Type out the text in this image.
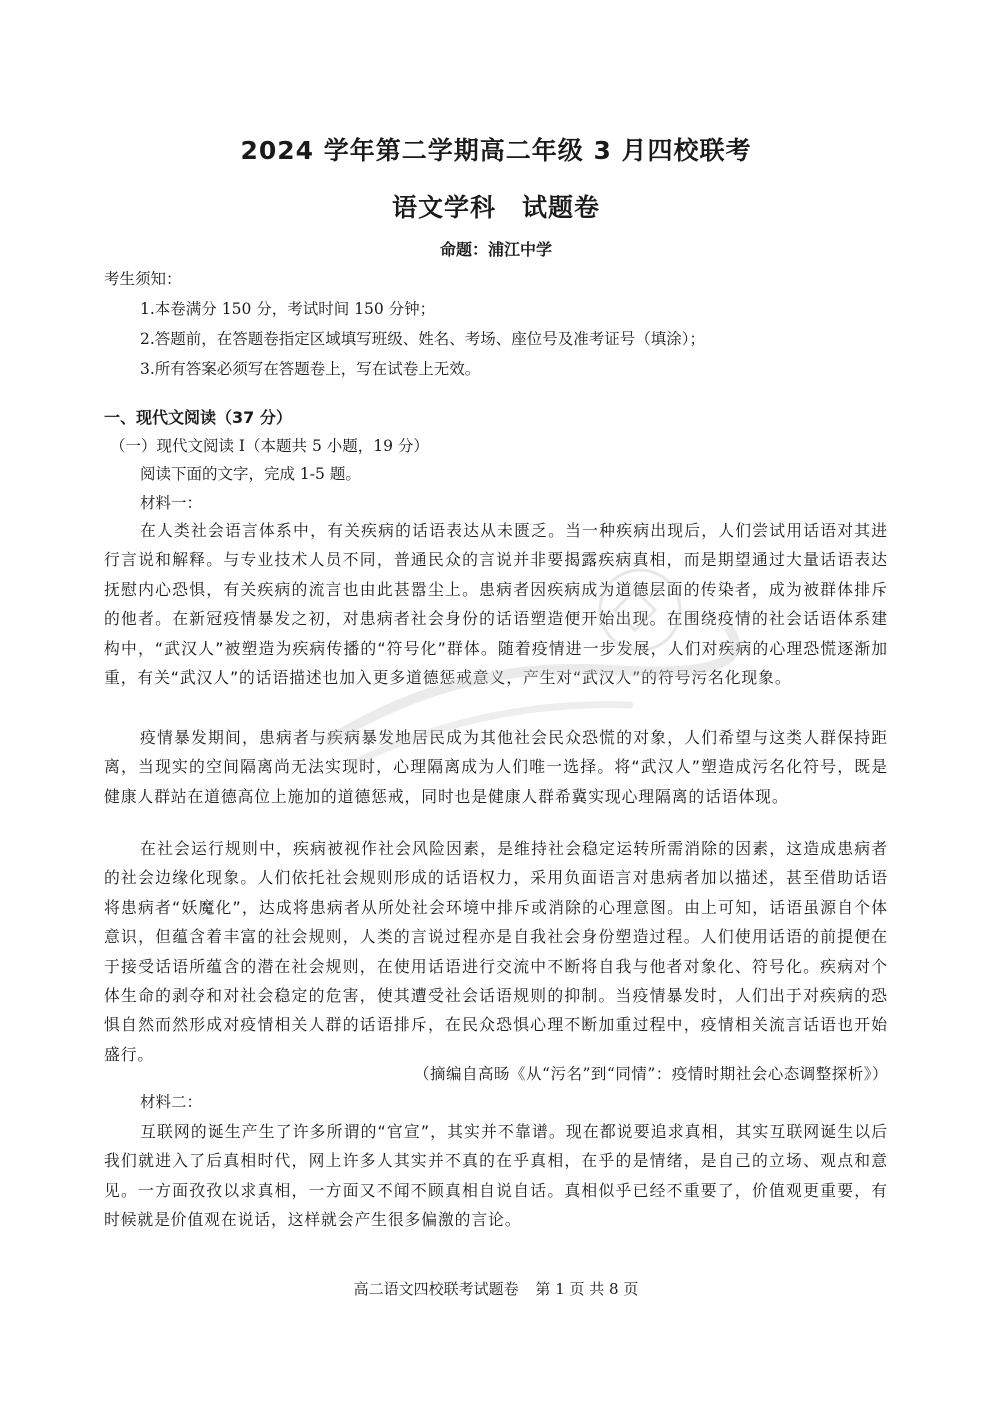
2024 学年第二学期高二年级 3 月四校联考
语文学科　试题卷
命题：浦江中学
考生须知：
1.本卷满分 150 分，考试时间 150 分钟；
2.答题前，在答题卷指定区域填写班级、姓名、考场、座位号及准考证号（填涂）；
3.所有答案必须写在答题卷上，写在试卷上无效。
一、现代文阅读（37 分）
（一）现代文阅读 I（本题共 5 小题，19 分）
阅读下面的文字，完成 1-5 题。
材料一：
在人类社会语言体系中，有关疾病的话语表达从未匮乏。当一种疾病出现后，人们尝试用话语对其进行言说和解释。与专业技术人员不同，普通民众的言说并非要揭露疾病真相，而是期望通过大量话语表达抚慰内心恐惧，有关疾病的流言也由此甚嚣尘上。患病者因疾病成为道德层面的传染者，成为被群体排斥的他者。在新冠疫情暴发之初，对患病者社会身份的话语塑造便开始出现。在围绕疫情的社会话语体系建构中，“武汉人”被塑造为疾病传播的“符号化”群体。随着疫情进一步发展，人们对疾病的心理恐慌逐渐加重，有关“武汉人”的话语描述也加入更多道德惩戒意义，产生对“武汉人”的符号污名化现象。
疫情暴发期间，患病者与疾病暴发地居民成为其他社会民众恐慌的对象，人们希望与这类人群保持距离，当现实的空间隔离尚无法实现时，心理隔离成为人们唯一选择。将“武汉人”塑造成污名化符号，既是健康人群站在道德高位上施加的道德惩戒，同时也是健康人群希冀实现心理隔离的话语体现。
在社会运行规则中，疾病被视作社会风险因素，是维持社会稳定运转所需消除的因素，这造成患病者的社会边缘化现象。人们依托社会规则形成的话语权力，采用负面语言对患病者加以描述，甚至借助话语将患病者“妖魔化”，达成将患病者从所处社会环境中排斥或消除的心理意图。由上可知，话语虽源自个体意识，但蕴含着丰富的社会规则，人类的言说过程亦是自我社会身份塑造过程。人们使用话语的前提便在于接受话语所蕴含的潜在社会规则，在使用话语进行交流中不断将自我与他者对象化、符号化。疾病对个体生命的剥夺和对社会稳定的危害，使其遭受社会话语规则的抑制。当疫情暴发时，人们出于对疾病的恐惧自然而然形成对疫情相关人群的话语排斥，在民众恐惧心理不断加重过程中，疫情相关流言话语也开始盛行。
（摘编自高旸《从“污名”到“同情”：疫情时期社会心态调整探析》）
材料二：
互联网的诞生产生了许多所谓的“官宣”，其实并不靠谱。现在都说要追求真相，其实互联网诞生以后我们就进入了后真相时代，网上许多人其实并不真的在乎真相，在乎的是情绪，是自己的立场、观点和意见。一方面孜孜以求真相，一方面又不闻不顾真相自说自话。真相似乎已经不重要了，价值观更重要，有时候就是价值观在说话，这样就会产生很多偏激的言论。
高二语文四校联考试题卷 第 1 页 共 8 页
